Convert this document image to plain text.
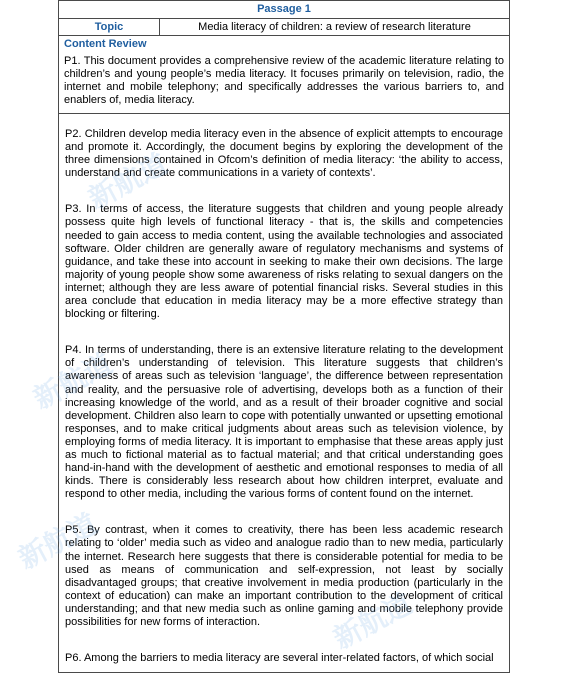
Passage 1
Topic	Media literacy of children: a review of research literature
Content Review

P1. This document provides a comprehensive review of the academic literature relating to children’s and young people’s media literacy. It focuses primarily on television, radio, the internet and mobile telephony; and specifically addresses the various barriers to, and enablers of, media literacy.

P2. Children develop media literacy even in the absence of explicit attempts to encourage and promote it. Accordingly, the document begins by exploring the development of the three dimensions contained in Ofcom’s definition of media literacy: ‘the ability to access, understand and create communications in a variety of contexts’.

P3. In terms of access, the literature suggests that children and young people already possess quite high levels of functional literacy - that is, the skills and competencies needed to gain access to media content, using the available technologies and associated software. Older children are generally aware of regulatory mechanisms and systems of guidance, and take these into account in seeking to make their own decisions. The large majority of young people show some awareness of risks relating to sexual dangers on the internet; although they are less aware of potential financial risks. Several studies in this area conclude that education in media literacy may be a more effective strategy than blocking or filtering.

P4. In terms of understanding, there is an extensive literature relating to the development of children’s understanding of television. This literature suggests that children’s awareness of areas such as television ‘language’, the difference between representation and reality, and the persuasive role of advertising, develops both as a function of their increasing knowledge of the world, and as a result of their broader cognitive and social development. Children also learn to cope with potentially unwanted or upsetting emotional responses, and to make critical judgments about areas such as television violence, by employing forms of media literacy. It is important to emphasise that these areas apply just as much to fictional material as to factual material; and that critical understanding goes hand-in-hand with the development of aesthetic and emotional responses to media of all kinds. There is considerably less research about how children interpret, evaluate and respond to other media, including the various forms of content found on the internet.

P5. By contrast, when it comes to creativity, there has been less academic research relating to ‘older’ media such as video and analogue radio than to new media, particularly the internet. Research here suggests that there is considerable potential for media to be used as means of communication and self-expression, not least by socially disadvantaged groups; that creative involvement in media production (particularly in the context of education) can make an important contribution to the development of critical understanding; and that new media such as online gaming and mobile telephony provide possibilities for new forms of interaction.

P6. Among the barriers to media literacy are several inter-related factors, of which social

新航道
新航道
新航道
新航道
